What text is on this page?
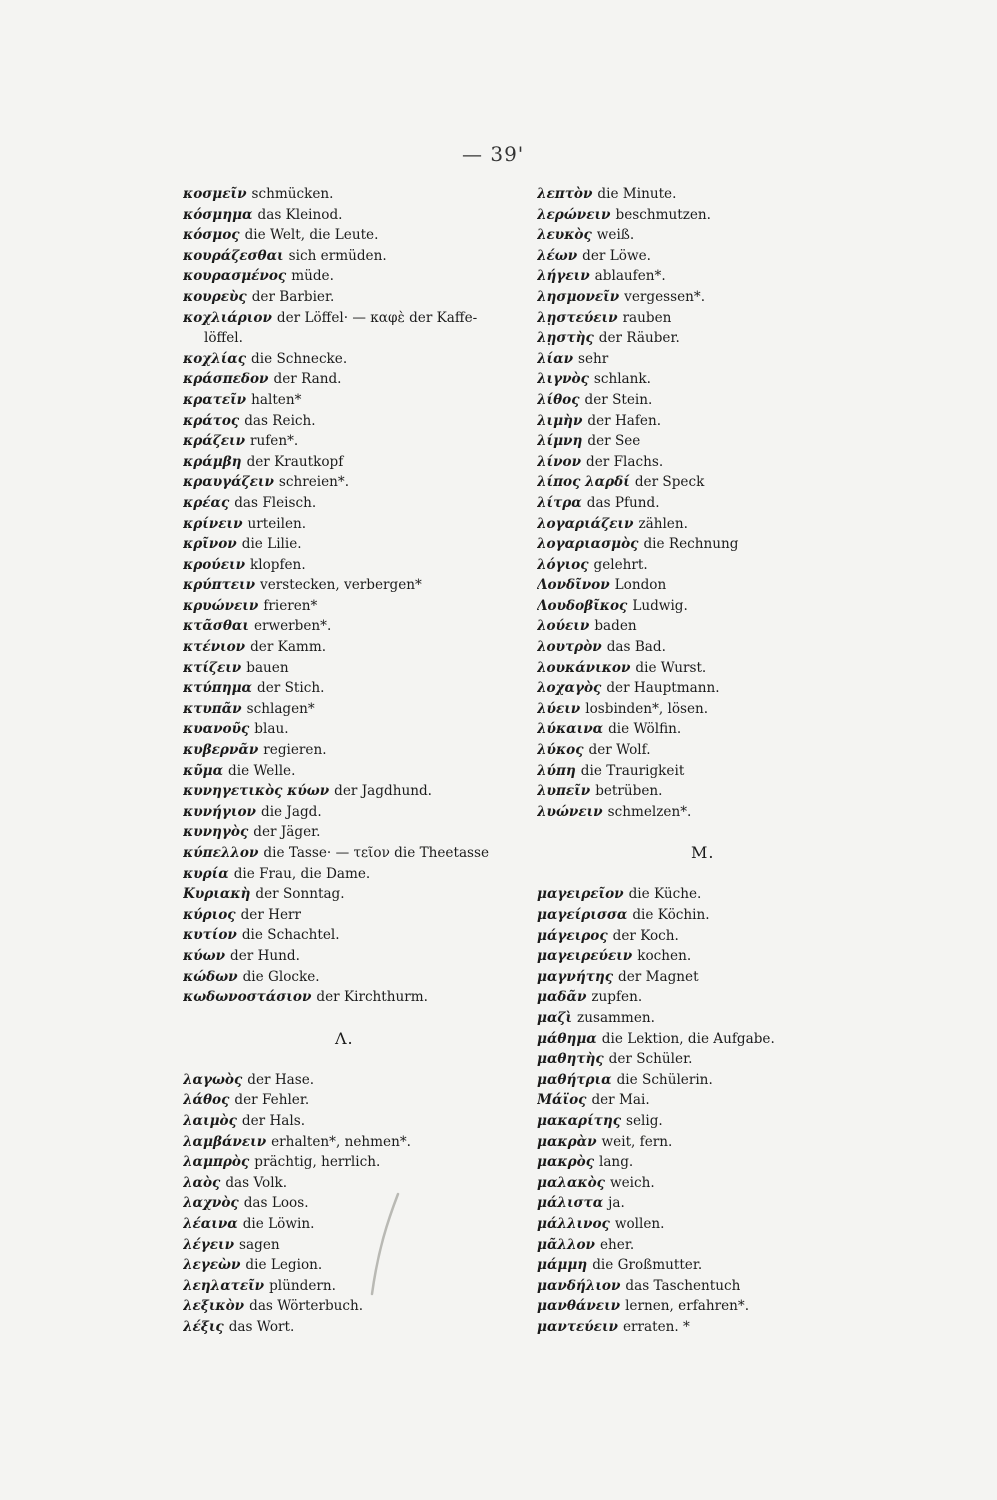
— 39'
κοσμεῖν schmücken.
κόσμημα das Kleinod.
κόσμος die Welt, die Leute.
κουράζεσθαι sich ermüden.
κουρασμένος müde.
κουρεὺς der Barbier.
κοχλιάριον der Löffel· — καφὲ der Kaffe-
löffel.
κοχλίας die Schnecke.
κράσπεδον der Rand.
κρατεῖν halten*
κράτος das Reich.
κράζειν rufen*.
κράμβη der Krautkopf
κραυγάζειν schreien*.
κρέας das Fleisch.
κρίνειν urteilen.
κρῖνον die Lilie.
κρούειν klopfen.
κρύπτειν verstecken, verbergen*
κρυώνειν frieren*
κτᾶσθαι erwerben*.
κτένιον der Kamm.
κτίζειν bauen
κτύπημα der Stich.
κτυπᾶν schlagen*
κυανοῦς blau.
κυβερνᾶν regieren.
κῦμα die Welle.
κυνηγετικὸς κύων der Jagdhund.
κυνήγιον die Jagd.
κυνηγὸς der Jäger.
κύπελλον die Tasse· — τεῖον die Theetasse
κυρία die Frau, die Dame.
Κυριακὴ der Sonntag.
κύριος der Herr
κυτίον die Schachtel.
κύων der Hund.
κώδων die Glocke.
κωδωνοστάσιον der Kirchthurm.
Λ.
λαγωὸς der Hase.
λάθος der Fehler.
λαιμὸς der Hals.
λαμβάνειν erhalten*, nehmen*.
λαμπρὸς prächtig, herrlich.
λαὸς das Volk.
λαχνὸς das Loos.
λέαινα die Löwin.
λέγειν sagen
λεγεὼν die Legion.
λεηλατεῖν plündern.
λεξικὸν das Wörterbuch.
λέξις das Wort.
λεπτὸν die Minute.
λερώνειν beschmutzen.
λευκὸς weiß.
λέων der Löwe.
λήγειν ablaufen*.
λησμονεῖν vergessen*.
λῃστεύειν rauben
λῃστὴς der Räuber.
λίαν sehr
λιγνὸς schlank.
λίθος der Stein.
λιμὴν der Hafen.
λίμνη der See
λίνον der Flachs.
λίπος λαρδί der Speck
λίτρα das Pfund.
λογαριάζειν zählen.
λογαριασμὸς die Rechnung
λόγιος gelehrt.
Λονδῖνον London
Λουδοβῖκος Ludwig.
λούειν baden
λουτρὸν das Bad.
λουκάνικον die Wurst.
λοχαγὸς der Hauptmann.
λύειν losbinden*, lösen.
λύκαινα die Wölfin.
λύκος der Wolf.
λύπη die Traurigkeit
λυπεῖν betrüben.
λυώνειν schmelzen*.
M.
μαγειρεῖον die Küche.
μαγείρισσα die Köchin.
μάγειρος der Koch.
μαγειρεύειν kochen.
μαγνήτης der Magnet
μαδᾶν zupfen.
μαζὶ zusammen.
μάθημα die Lektion, die Aufgabe.
μαθητὴς der Schüler.
μαθήτρια die Schülerin.
Μάϊος der Mai.
μακαρίτης selig.
μακρὰν weit, fern.
μακρὸς lang.
μαλακὸς weich.
μάλιστα ja.
μάλλινος wollen.
μᾶλλον eher.
μάμμη die Großmutter.
μανδήλιον das Taschentuch
μανθάνειν lernen, erfahren*.
μαντεύειν erraten. *
